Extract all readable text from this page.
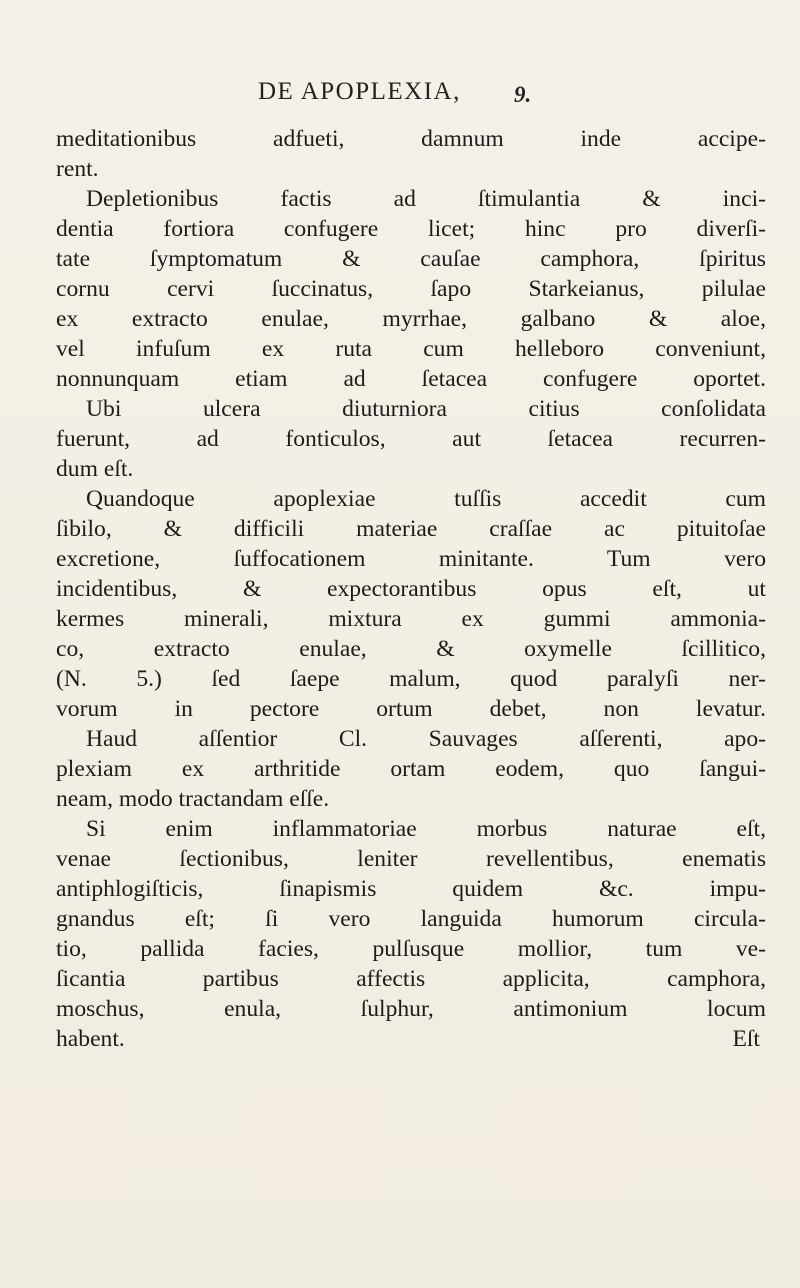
DE APOPLEXIA, 9.
meditationibus adfueti, damnum inde accipe-
rent.
Depletionibus factis ad ſtimulantia & inci-
dentia fortiora confugere licet; hinc pro diverſi-
tate ſymptomatum & cauſae camphora, ſpiritus
cornu cervi ſuccinatus, ſapo Starkeianus, pilulae
ex extracto enulae, myrrhae, galbano & aloe,
vel infuſum ex ruta cum helleboro conveniunt,
nonnunquam etiam ad ſetacea confugere oportet.
Ubi ulcera diuturniora citius conſolidata
fuerunt, ad fonticulos, aut ſetacea recurren-
dum eſt.
Quandoque apoplexiae tuſſis accedit cum
ſibilo, & difficili materiae craſſae ac pituitoſae
excretione, ſuffocationem minitante. Tum vero
incidentibus, & expectorantibus opus eſt, ut
kermes minerali, mixtura ex gummi ammonia-
co, extracto enulae, & oxymelle ſcillitico,
(N. 5.) ſed ſaepe malum, quod paralyſi ner-
vorum in pectore ortum debet, non levatur.
Haud aſſentior Cl. Sauvages aſſerenti, apo-
plexiam ex arthritide ortam eodem, quo ſangui-
neam, modo tractandam eſſe.
Si enim inflammatoriae morbus naturae eſt,
venae ſectionibus, leniter revellentibus, enematis
antiphlogiſticis, ſinapismis quidem &c. impu-
gnandus eſt; ſi vero languida humorum circula-
tio, pallida facies, pulſusque mollior, tum ve-
ſicantia partibus affectis applicita, camphora,
moschus, enula, ſulphur, antimonium locum
habent.	Eſt
